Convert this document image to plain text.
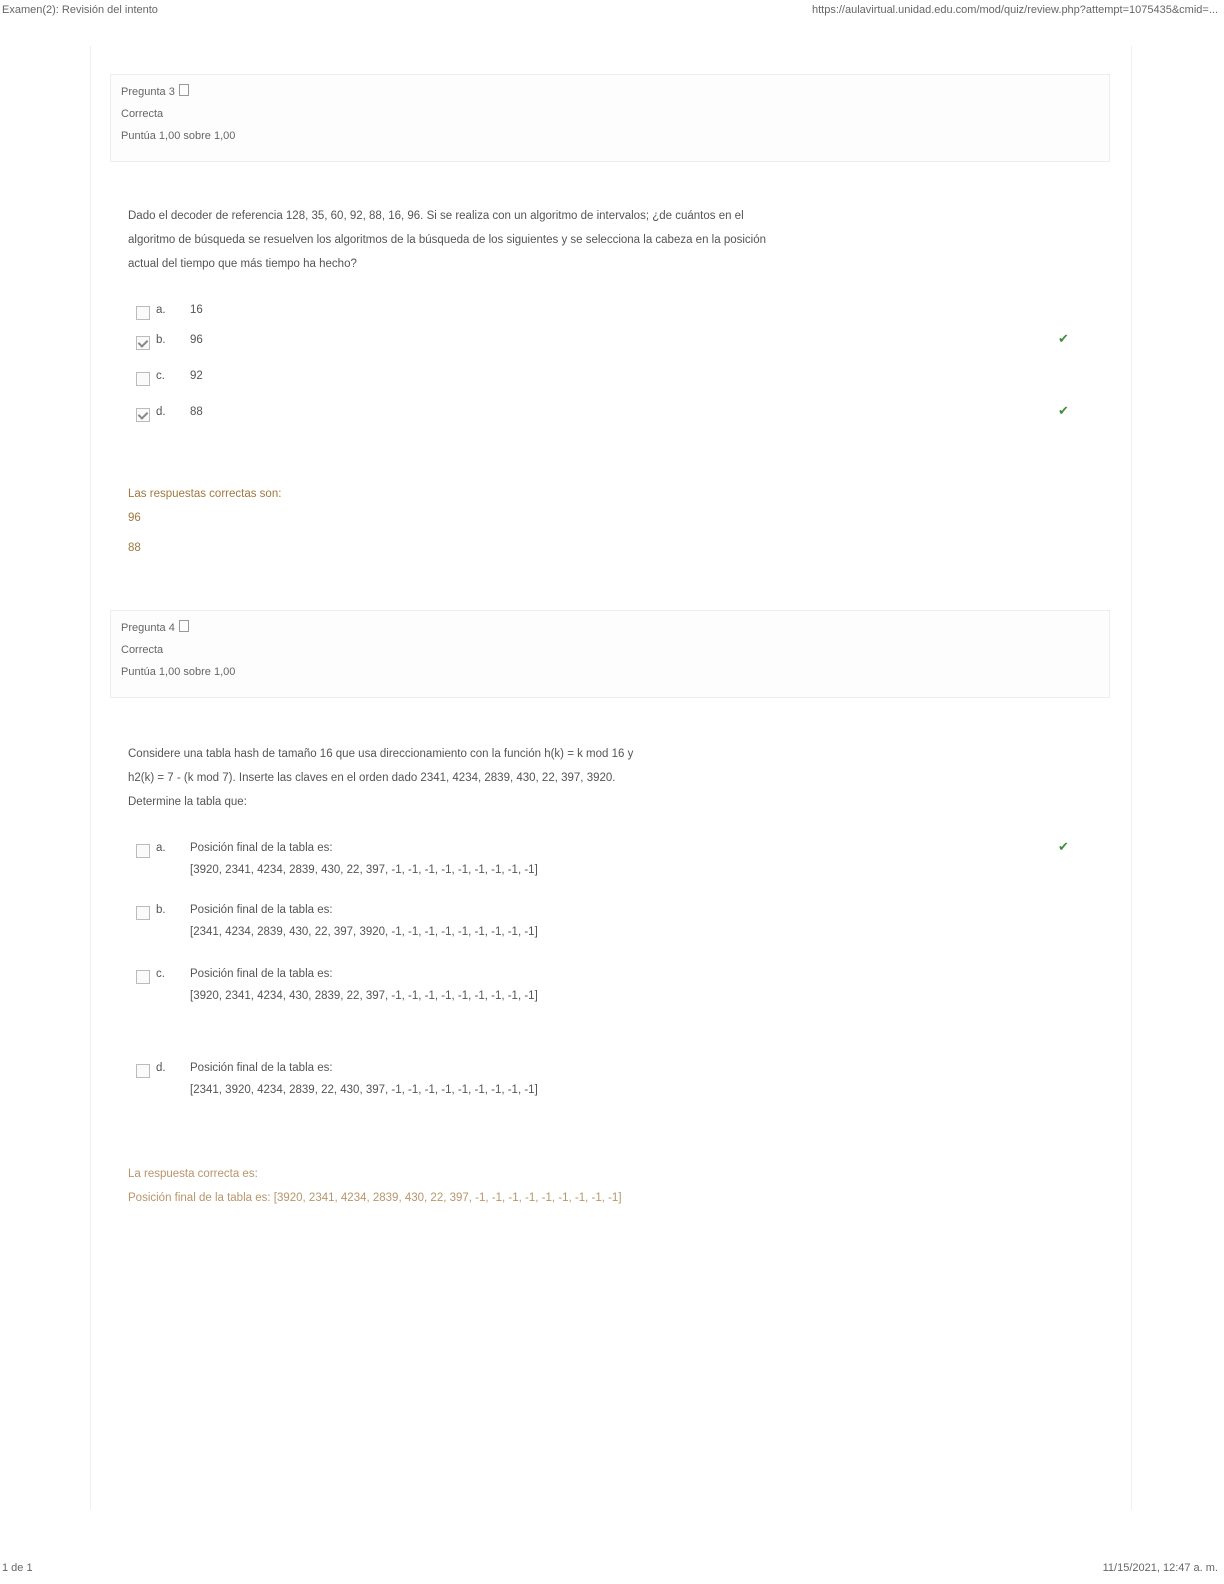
Examen(2): Revisión del intento	https://aulavirtual.unidad.edu.com/mod/quiz/review.php?attempt=1075435&cmid=...
Pregunta 3
Correcta
Puntúa 1,00 sobre 1,00
Dado el decoder de referencia 128, 35, 60, 92, 88, 16, 96. Si se realiza con un algoritmo de intervalos; ¿de cuántos en el
algoritmo de búsqueda se resuelven los algoritmos de la búsqueda de los siguientes y se selecciona la cabeza en la posición
actual del tiempo que más tiempo ha hecho?
a.	16
b.	96	✔
c.	92
d.	88	✔
Las respuestas correctas son:
96
88
Pregunta 4
Correcta
Puntúa 1,00 sobre 1,00
Considere una tabla hash de tamaño 16 que usa direccionamiento con la función h(k) = k mod 16 y
h2(k) = 7 - (k mod 7). Inserte las claves en el orden dado 2341, 4234, 2839, 430, 22, 397, 3920.
Determine la tabla que:
a.	Posición final de la tabla es:
[3920, 2341, 4234, 2839, 430, 22, 397, -1, -1, -1, -1, -1, -1, -1, -1, -1]
✔
b.	Posición final de la tabla es:
[2341, 4234, 2839, 430, 22, 397, 3920, -1, -1, -1, -1, -1, -1, -1, -1, -1]
c.	Posición final de la tabla es:
[3920, 2341, 4234, 430, 2839, 22, 397, -1, -1, -1, -1, -1, -1, -1, -1, -1]
d.	Posición final de la tabla es:
[2341, 3920, 4234, 2839, 22, 430, 397, -1, -1, -1, -1, -1, -1, -1, -1, -1]
La respuesta correcta es:
Posición final de la tabla es: [3920, 2341, 4234, 2839, 430, 22, 397, -1, -1, -1, -1, -1, -1, -1, -1, -1]
1 de 1	11/15/2021, 12:47 a. m.
